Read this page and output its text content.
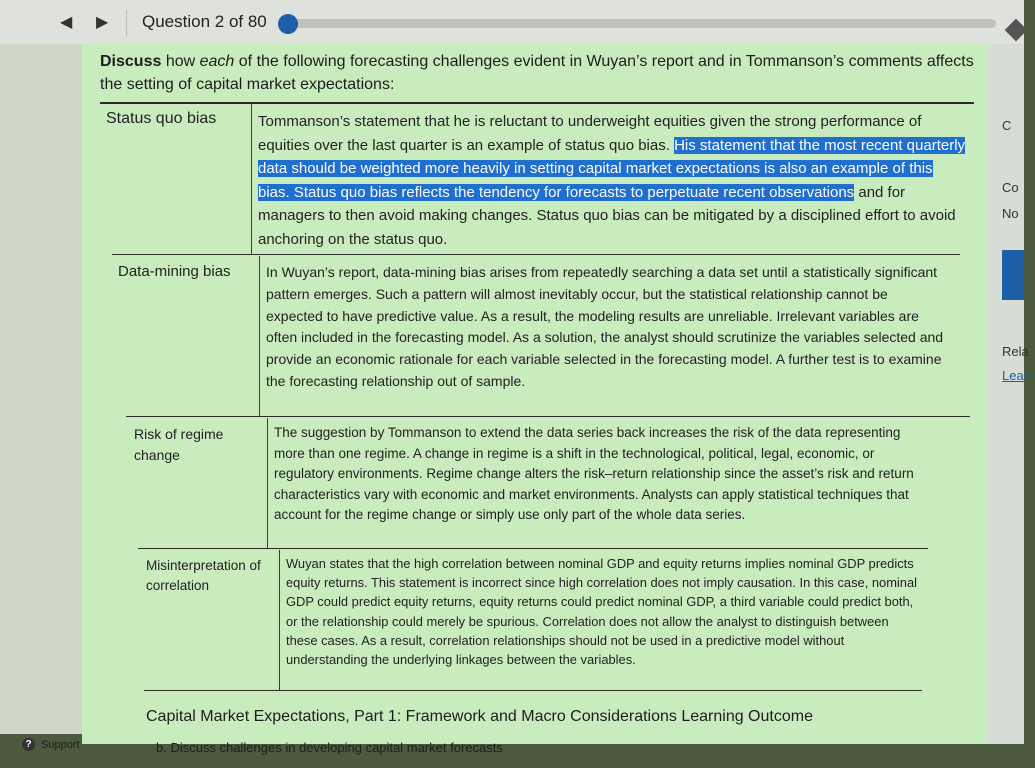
◀ ▶ Question 2 of 80
C
Co
No
Rela
Learn
Discuss how each of the following forecasting challenges evident in Wuyan’s report and in Tommanson’s comments affects the setting of capital market expectations:
Status quo bias	Tommanson’s statement that he is reluctant to underweight equities given the strong performance of equities over the last quarter is an example of status quo bias. His statement that the most recent quarterly data should be weighted more heavily in setting capital market expectations is also an example of this bias. Status quo bias reflects the tendency for forecasts to perpetuate recent observations and for managers to then avoid making changes. Status quo bias can be mitigated by a disciplined effort to avoid anchoring on the status quo.
Data-mining bias	In Wuyan’s report, data-mining bias arises from repeatedly searching a data set until a statistically significant pattern emerges. Such a pattern will almost inevitably occur, but the statistical relationship cannot be expected to have predictive value. As a result, the modeling results are unreliable. Irrelevant variables are often included in the forecasting model. As a solution, the analyst should scrutinize the variables selected and provide an economic rationale for each variable selected in the forecasting model. A further test is to examine the forecasting relationship out of sample.
Risk of regime change
The suggestion by Tommanson to extend the data series back increases the risk of the data representing more than one regime. A change in regime is a shift in the technological, political, legal, economic, or regulatory environments. Regime change alters the risk–return relationship since the asset’s risk and return characteristics vary with economic and market environments. Analysts can apply statistical techniques that account for the regime change or simply use only part of the whole data series.
Misinterpretation of correlation
Wuyan states that the high correlation between nominal GDP and equity returns implies nominal GDP predicts equity returns. This statement is incorrect since high correlation does not imply causation. In this case, nominal GDP could predict equity returns, equity returns could predict nominal GDP, a third variable could predict both, or the relationship could merely be spurious. Correlation does not allow the analyst to distinguish between these cases. As a result, correlation relationships should not be used in a predictive model without understanding the underlying linkages between the variables.
Capital Market Expectations, Part 1: Framework and Macro Considerations Learning Outcome
b. Discuss challenges in developing capital market forecasts
? Support
